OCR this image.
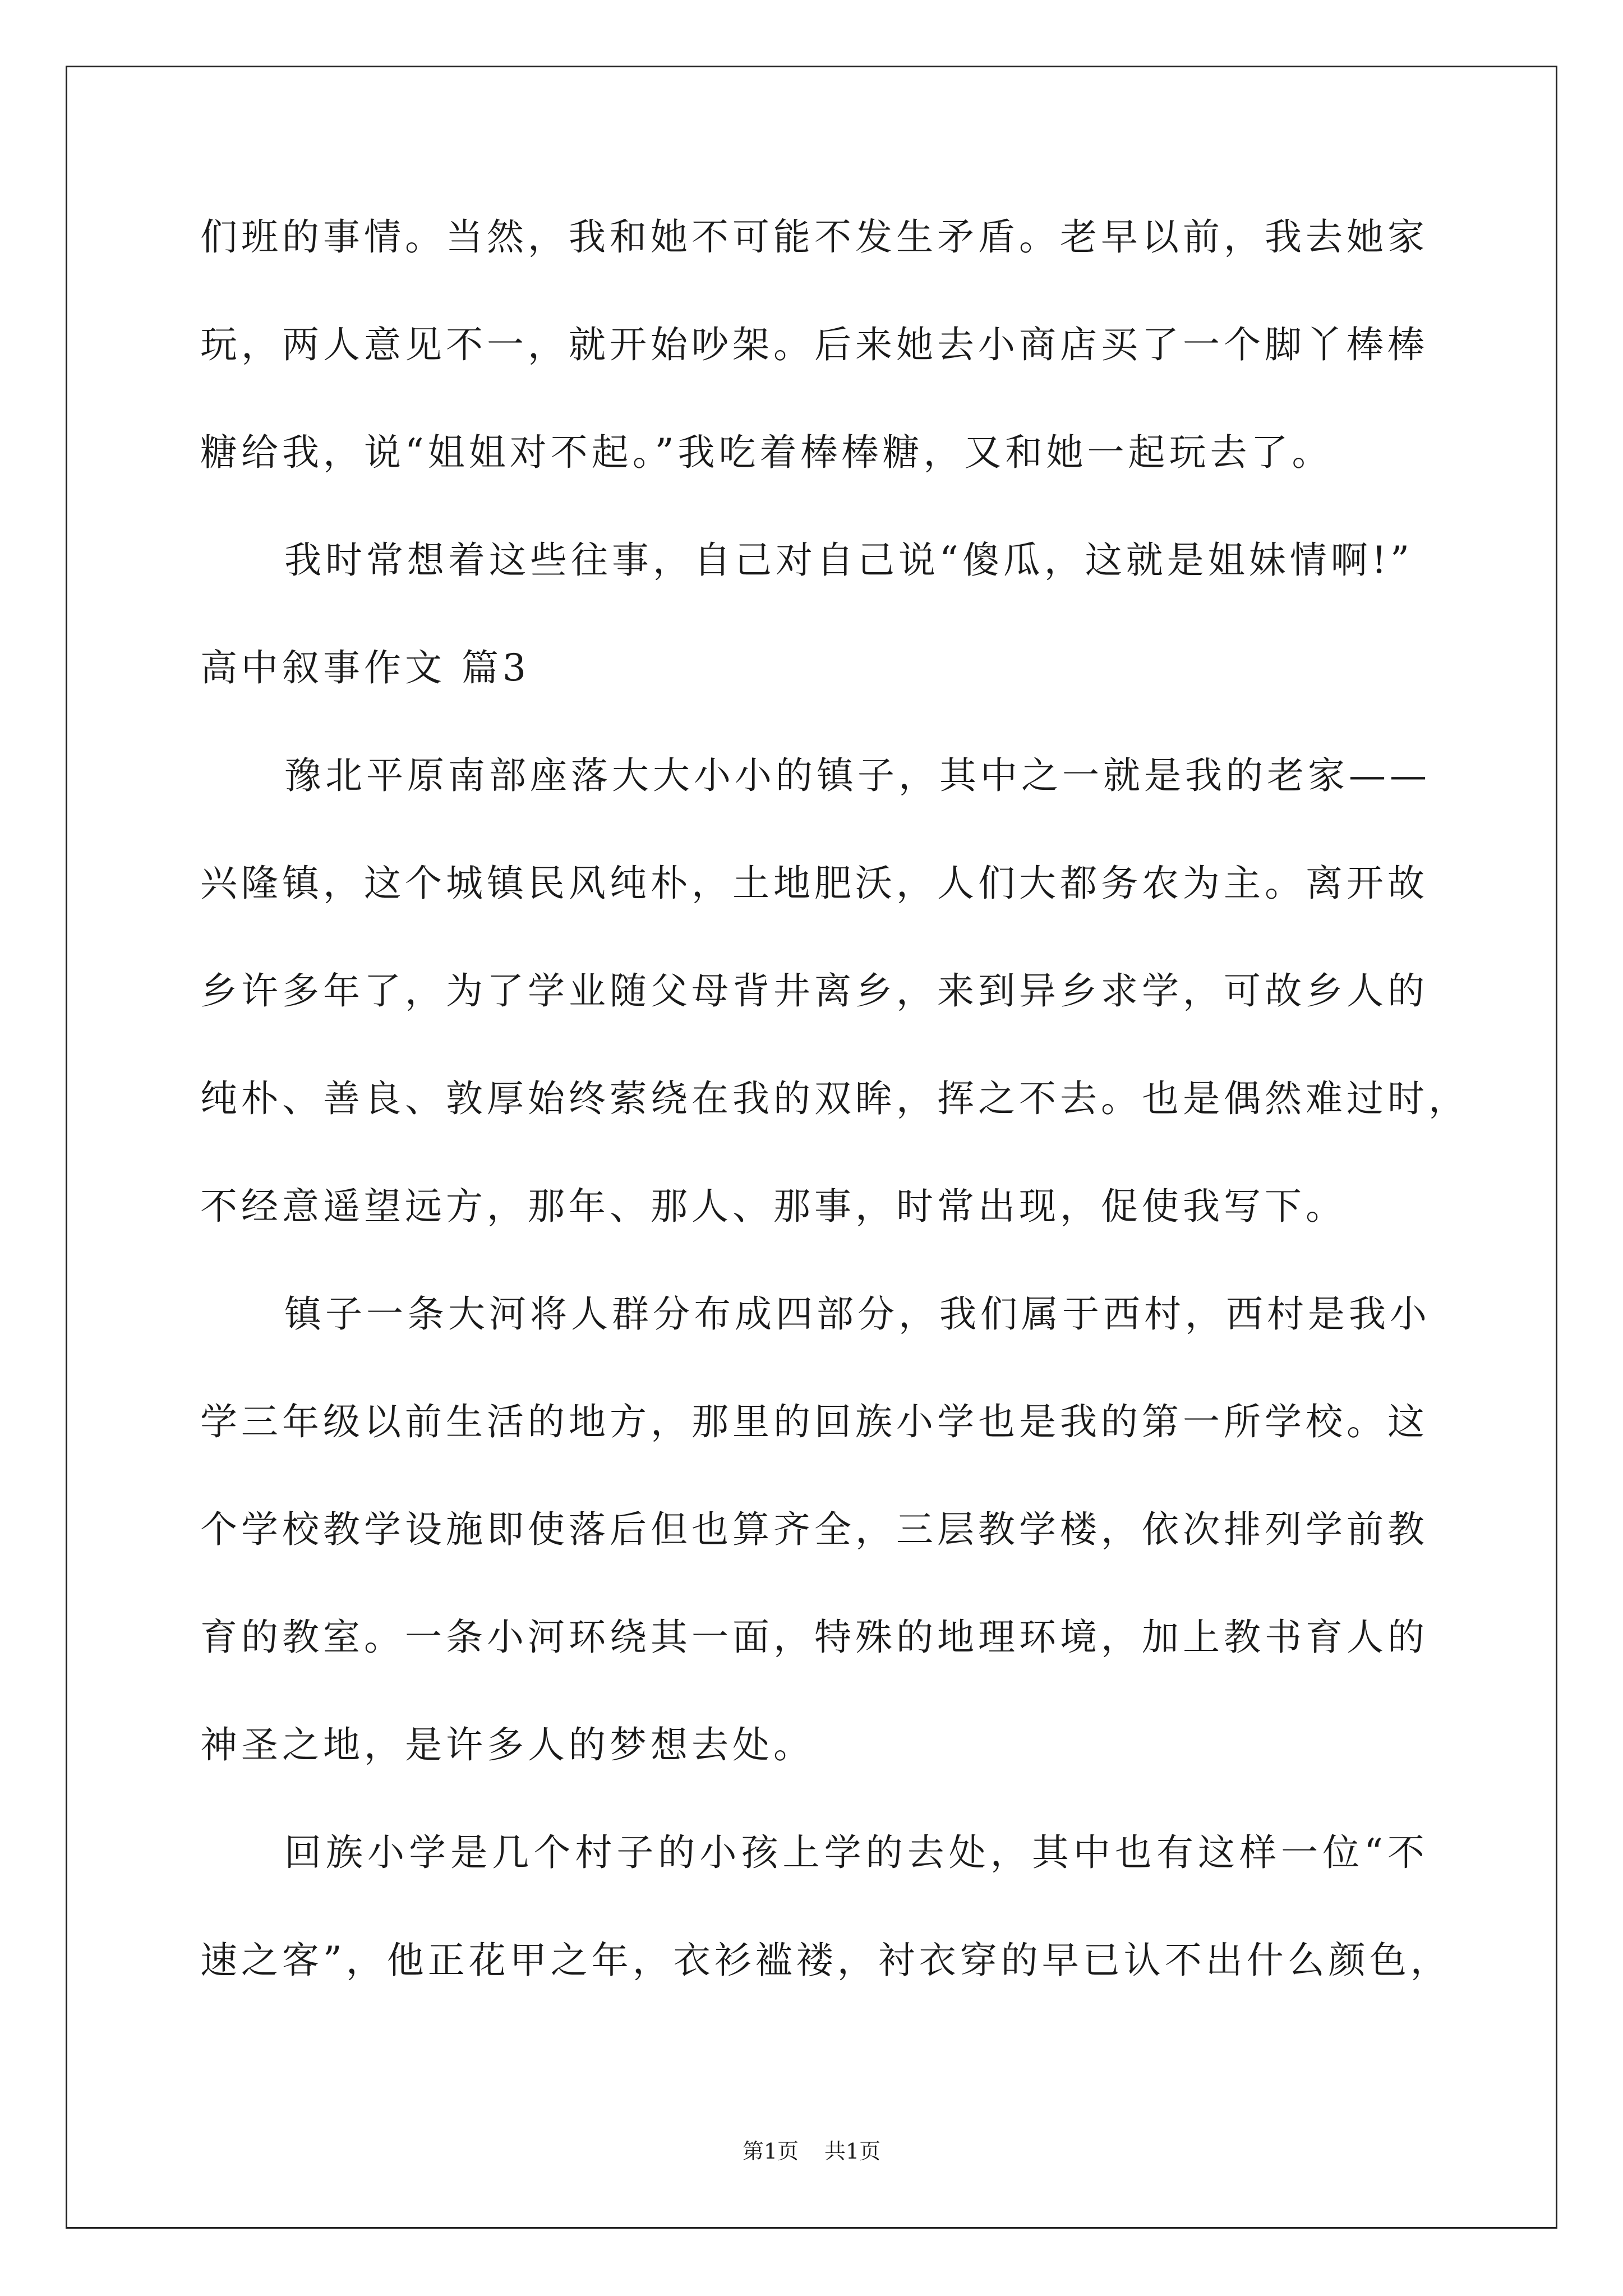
们班的事情。当然，我和她不可能不发生矛盾。老早以前，我去她家
玩，两人意见不一，就开始吵架。后来她去小商店买了一个脚丫棒棒
糖给我，说“姐姐对不起。”我吃着棒棒糖，又和她一起玩去了。
我时常想着这些往事，自己对自己说“傻瓜，这就是姐妹情啊!”
高中叙事作文 篇3
豫北平原南部座落大大小小的镇子，其中之一就是我的老家——
兴隆镇，这个城镇民风纯朴，土地肥沃，人们大都务农为主。离开故
乡许多年了，为了学业随父母背井离乡，来到异乡求学，可故乡人的
纯朴、善良、敦厚始终萦绕在我的双眸，挥之不去。也是偶然难过时，
不经意遥望远方，那年、那人、那事，时常出现，促使我写下。
镇子一条大河将人群分布成四部分，我们属于西村，西村是我小
学三年级以前生活的地方，那里的回族小学也是我的第一所学校。这
个学校教学设施即使落后但也算齐全，三层教学楼，依次排列学前教
育的教室。一条小河环绕其一面，特殊的地理环境，加上教书育人的
神圣之地，是许多人的梦想去处。
回族小学是几个村子的小孩上学的去处，其中也有这样一位“不
速之客”，他正花甲之年，衣衫褴褛，衬衣穿的早已认不出什么颜色，
第1页 共1页
